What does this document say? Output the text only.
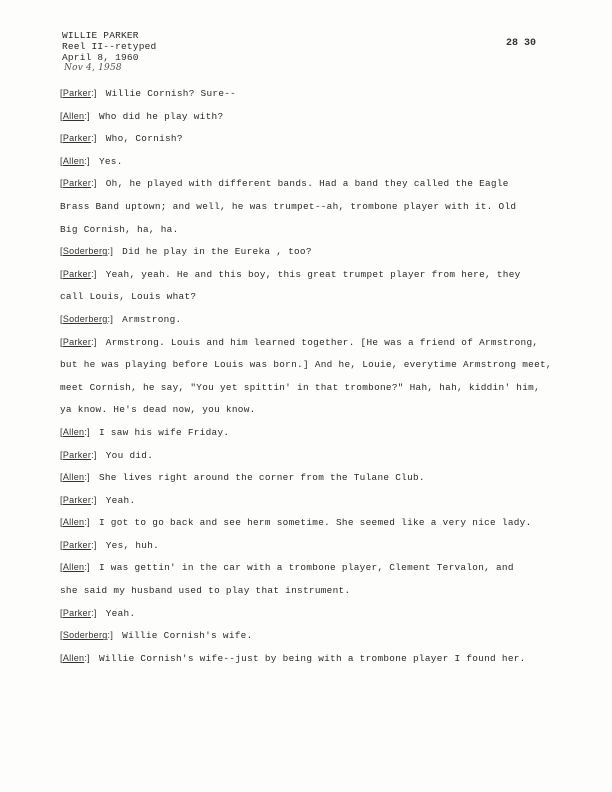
WILLIE PARKER
Reel II--retyped
April 8, 1960
Nov 4, 1958
28 30
[Parker:] Willie Cornish? Sure--
[Allen:] Who did he play with?
[Parker:] Who, Cornish?
[Allen:] Yes.
[Parker:] Oh, he played with different bands. Had a band they called the Eagle
Brass Band uptown; and well, he was trumpet--ah, trombone player with it. Old
Big Cornish, ha, ha.
[Soderberg:] Did he play in the Eureka , too?
[Parker:] Yeah, yeah. He and this boy, this great trumpet player from here, they
call Louis, Louis what?
[Soderberg:] Armstrong.
[Parker:] Armstrong. Louis and him learned together. [He was a friend of Armstrong,
but he was playing before Louis was born.] And he, Louie, everytime Armstrong meet,
meet Cornish, he say, "You yet spittin' in that trombone?" Hah, hah, kiddin' him,
ya know. He's dead now, you know.
[Allen:] I saw his wife Friday.
[Parker:] You did.
[Allen:] She lives right around the corner from the Tulane Club.
[Parker:] Yeah.
[Allen:] I got to go back and see herm sometime. She seemed like a very nice lady.
[Parker:] Yes, huh.
[Allen:] I was gettin' in the car with a trombone player, Clement Tervalon, and
she said my husband used to play that instrument.
[Parker:] Yeah.
[Soderberg:] Willie Cornish's wife.
[Allen:] Willie Cornish's wife--just by being with a trombone player I found her.
